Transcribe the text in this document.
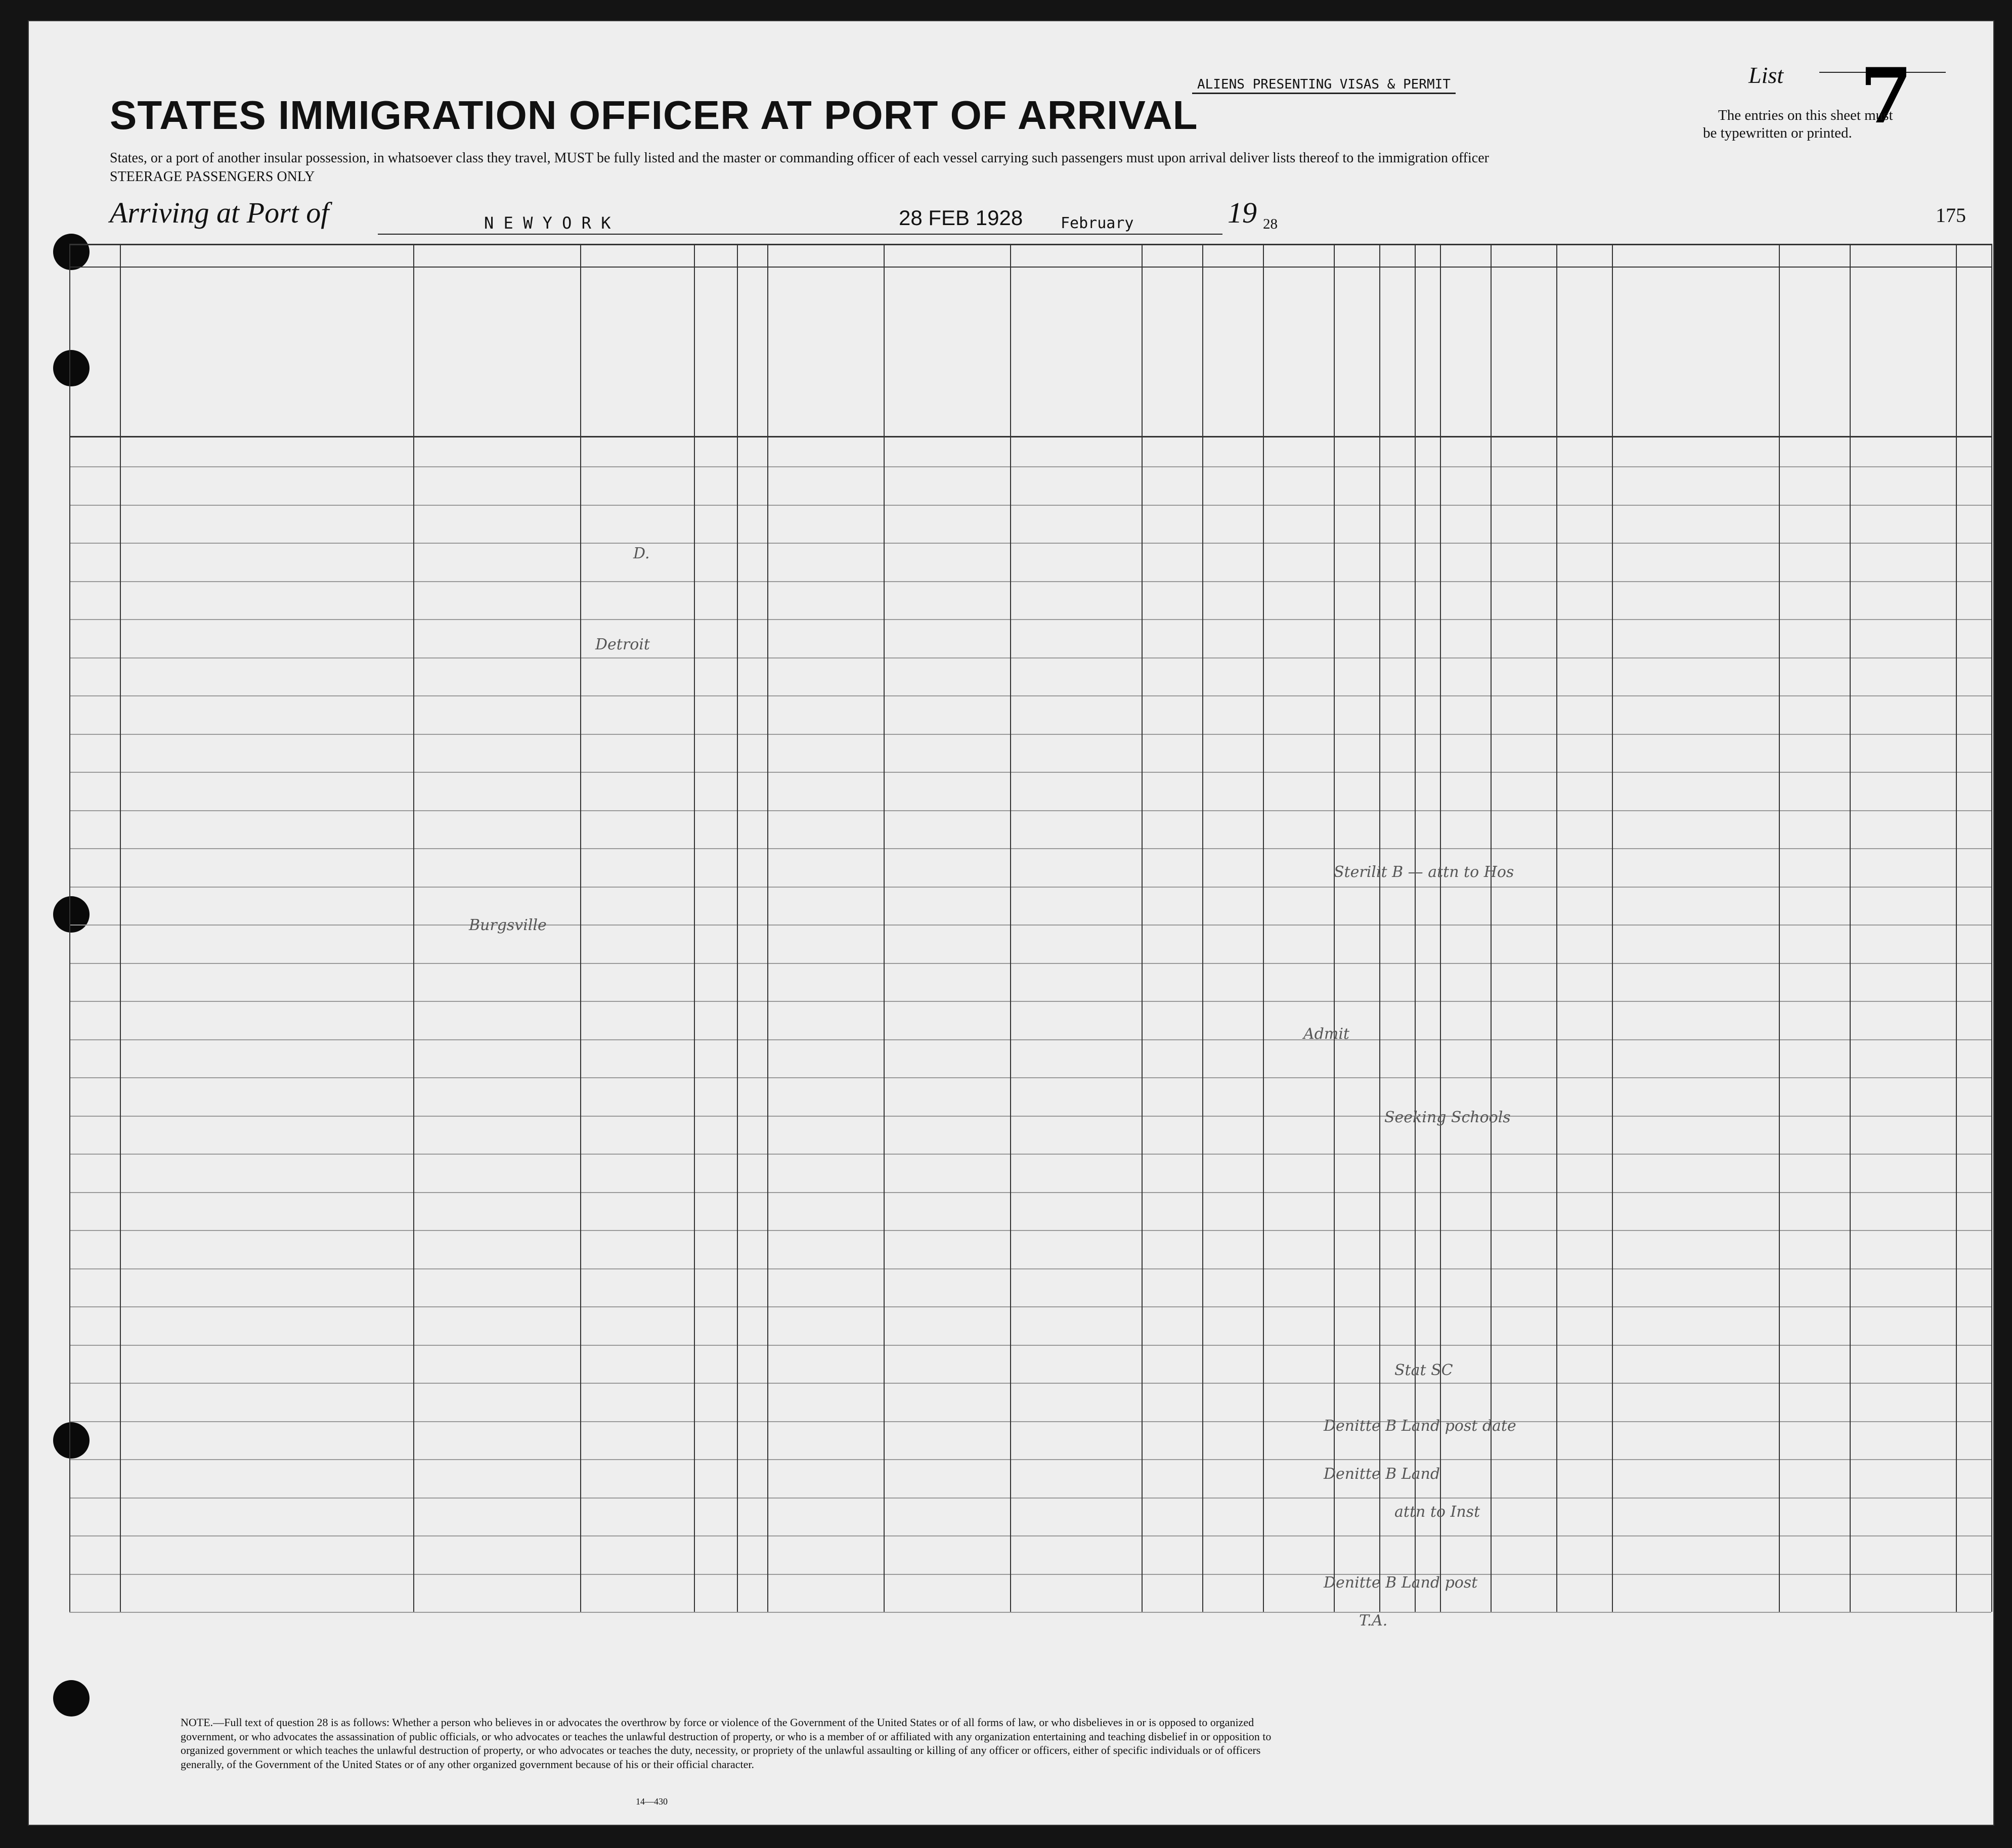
STATES IMMIGRATION OFFICER AT PORT OF ARRIVAL
ALIENS PRESENTING VISAS & PERMIT	List 7
The entries on this sheet must
be typewritten or printed.
States, or a port of another insular possession, in whatsoever class they travel, MUST be fully listed and the master or commanding officer of each vessel carrying such passengers must upon arrival deliver lists thereof to the immigration officer
STEERAGE PASSENGERS ONLY
Arriving at Port of	N E W Y O R K	28 FEB 1928 February	19 28	175
D.
Detroit
Burgsville
Sterilit B — attn to Hos
Admit
Seeking Schools
Stat SC
Denitte B Land post date
Denitte B Land
attn to Inst
Denitte B Land post
T.A.
NOTE.—Full text of question 28 is as follows: Whether a person who believes in or advocates the overthrow by force or violence of the Government of the United States or of all forms of law, or who disbelieves in or is opposed to organized government, or who advocates the assassination of public officials, or who advocates or teaches the unlawful destruction of property, or who is a member of or affiliated with any organization entertaining and teaching disbelief in or opposition to organized government or which teaches the unlawful destruction of property, or who advocates or teaches the duty, necessity, or propriety of the unlawful assaulting or killing of any officer or officers, either of specific individuals or of officers generally, of the Government of the United States or of any other organized government because of his or their official character.
14—430
